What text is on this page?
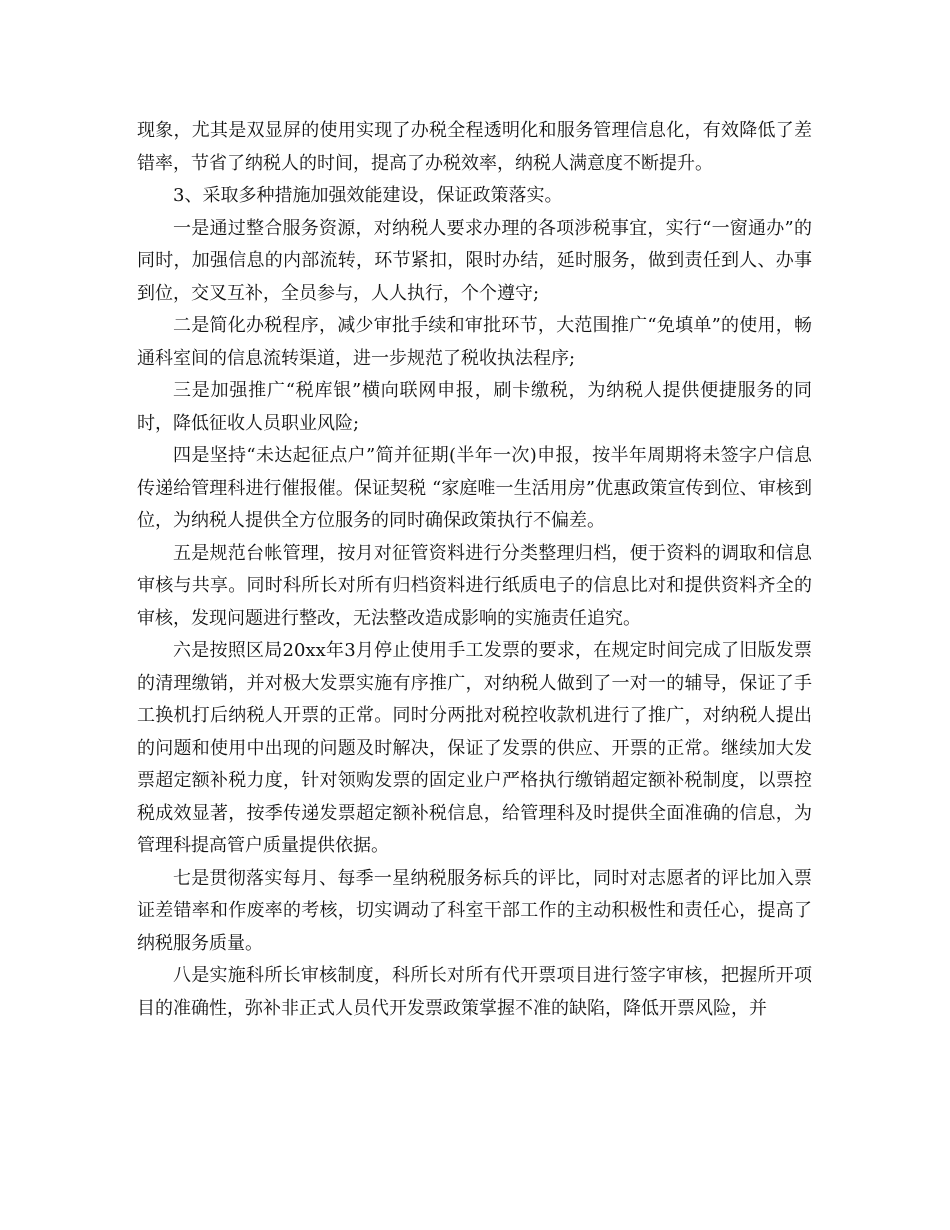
现象，尤其是双显屏的使用实现了办税全程透明化和服务管理信息化，有效降低了差错率，节省了纳税人的时间，提高了办税效率，纳税人满意度不断提升。

3、采取多种措施加强效能建设，保证政策落实。

一是通过整合服务资源，对纳税人要求办理的各项涉税事宜，实行“一窗通办”的同时，加强信息的内部流转，环节紧扣，限时办结，延时服务，做到责任到人、办事到位，交叉互补，全员参与，人人执行，个个遵守;

二是简化办税程序，减少审批手续和审批环节，大范围推广“免填单”的使用，畅通科室间的信息流转渠道，进一步规范了税收执法程序;

三是加强推广“税库银”横向联网申报，刷卡缴税，为纳税人提供便捷服务的同时，降低征收人员职业风险;

四是坚持“未达起征点户”简并征期(半年一次)申报，按半年周期将未签字户信息传递给管理科进行催报催。保证契税 “家庭唯一生活用房”优惠政策宣传到位、审核到位，为纳税人提供全方位服务的同时确保政策执行不偏差。

五是规范台帐管理，按月对征管资料进行分类整理归档，便于资料的调取和信息审核与共享。同时科所长对所有归档资料进行纸质电子的信息比对和提供资料齐全的审核，发现问题进行整改，无法整改造成影响的实施责任追究。

六是按照区局20xx年3月停止使用手工发票的要求，在规定时间完成了旧版发票的清理缴销，并对极大发票实施有序推广，对纳税人做到了一对一的辅导，保证了手工换机打后纳税人开票的正常。同时分两批对税控收款机进行了推广，对纳税人提出的问题和使用中出现的问题及时解决，保证了发票的供应、开票的正常。继续加大发票超定额补税力度，针对领购发票的固定业户严格执行缴销超定额补税制度，以票控税成效显著，按季传递发票超定额补税信息，给管理科及时提供全面准确的信息，为管理科提高管户质量提供依据。

七是贯彻落实每月、每季一星纳税服务标兵的评比，同时对志愿者的评比加入票证差错率和作废率的考核，切实调动了科室干部工作的主动积极性和责任心，提高了纳税服务质量。

八是实施科所长审核制度，科所长对所有代开票项目进行签字审核，把握所开项目的准确性，弥补非正式人员代开发票政策掌握不准的缺陷，降低开票风险，并
